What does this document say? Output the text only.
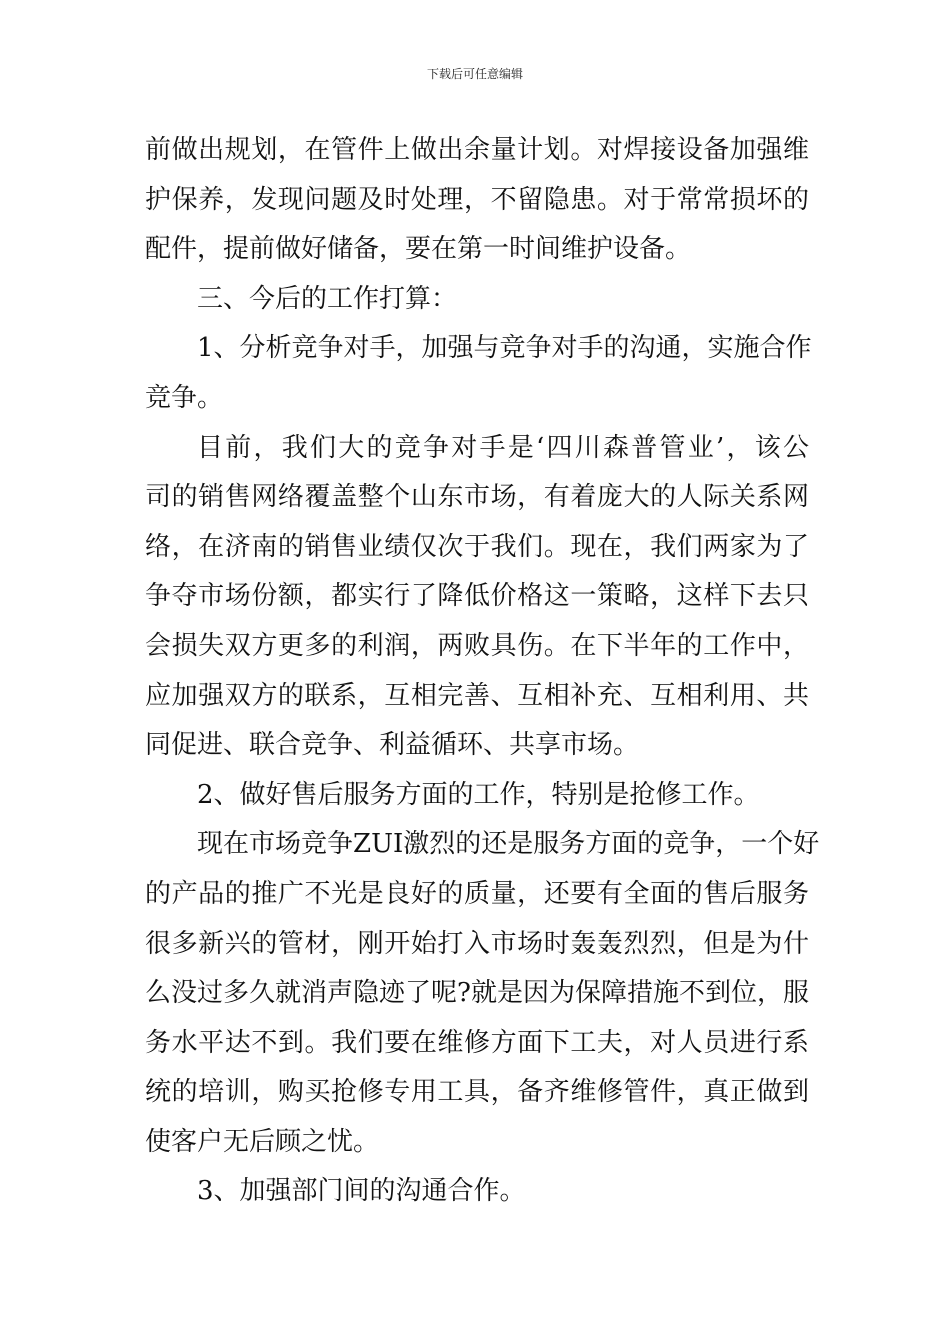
下载后可任意编辑
前做出规划，在管件上做出余量计划。对焊接设备加强维
护保养，发现问题及时处理，不留隐患。对于常常损坏的
配件，提前做好储备，要在第一时间维护设备。
三、今后的工作打算：
1、分析竞争对手，加强与竞争对手的沟通，实施合作
竞争。
目前，我们大的竞争对手是‘四川森普管业’，该公
司的销售网络覆盖整个山东市场，有着庞大的人际关系网
络，在济南的销售业绩仅次于我们。现在，我们两家为了
争夺市场份额，都实行了降低价格这一策略，这样下去只
会损失双方更多的利润，两败具伤。在下半年的工作中，
应加强双方的联系，互相完善、互相补充、互相利用、共
同促进、联合竞争、利益循环、共享市场。
2、做好售后服务方面的工作，特别是抢修工作。
现在市场竞争ZUI激烈的还是服务方面的竞争，一个好
的产品的推广不光是良好的质量，还要有全面的售后服务
很多新兴的管材，刚开始打入市场时轰轰烈烈，但是为什
么没过多久就消声隐迹了呢?就是因为保障措施不到位，服
务水平达不到。我们要在维修方面下工夫，对人员进行系
统的培训，购买抢修专用工具，备齐维修管件，真正做到
使客户无后顾之忧。
3、加强部门间的沟通合作。
